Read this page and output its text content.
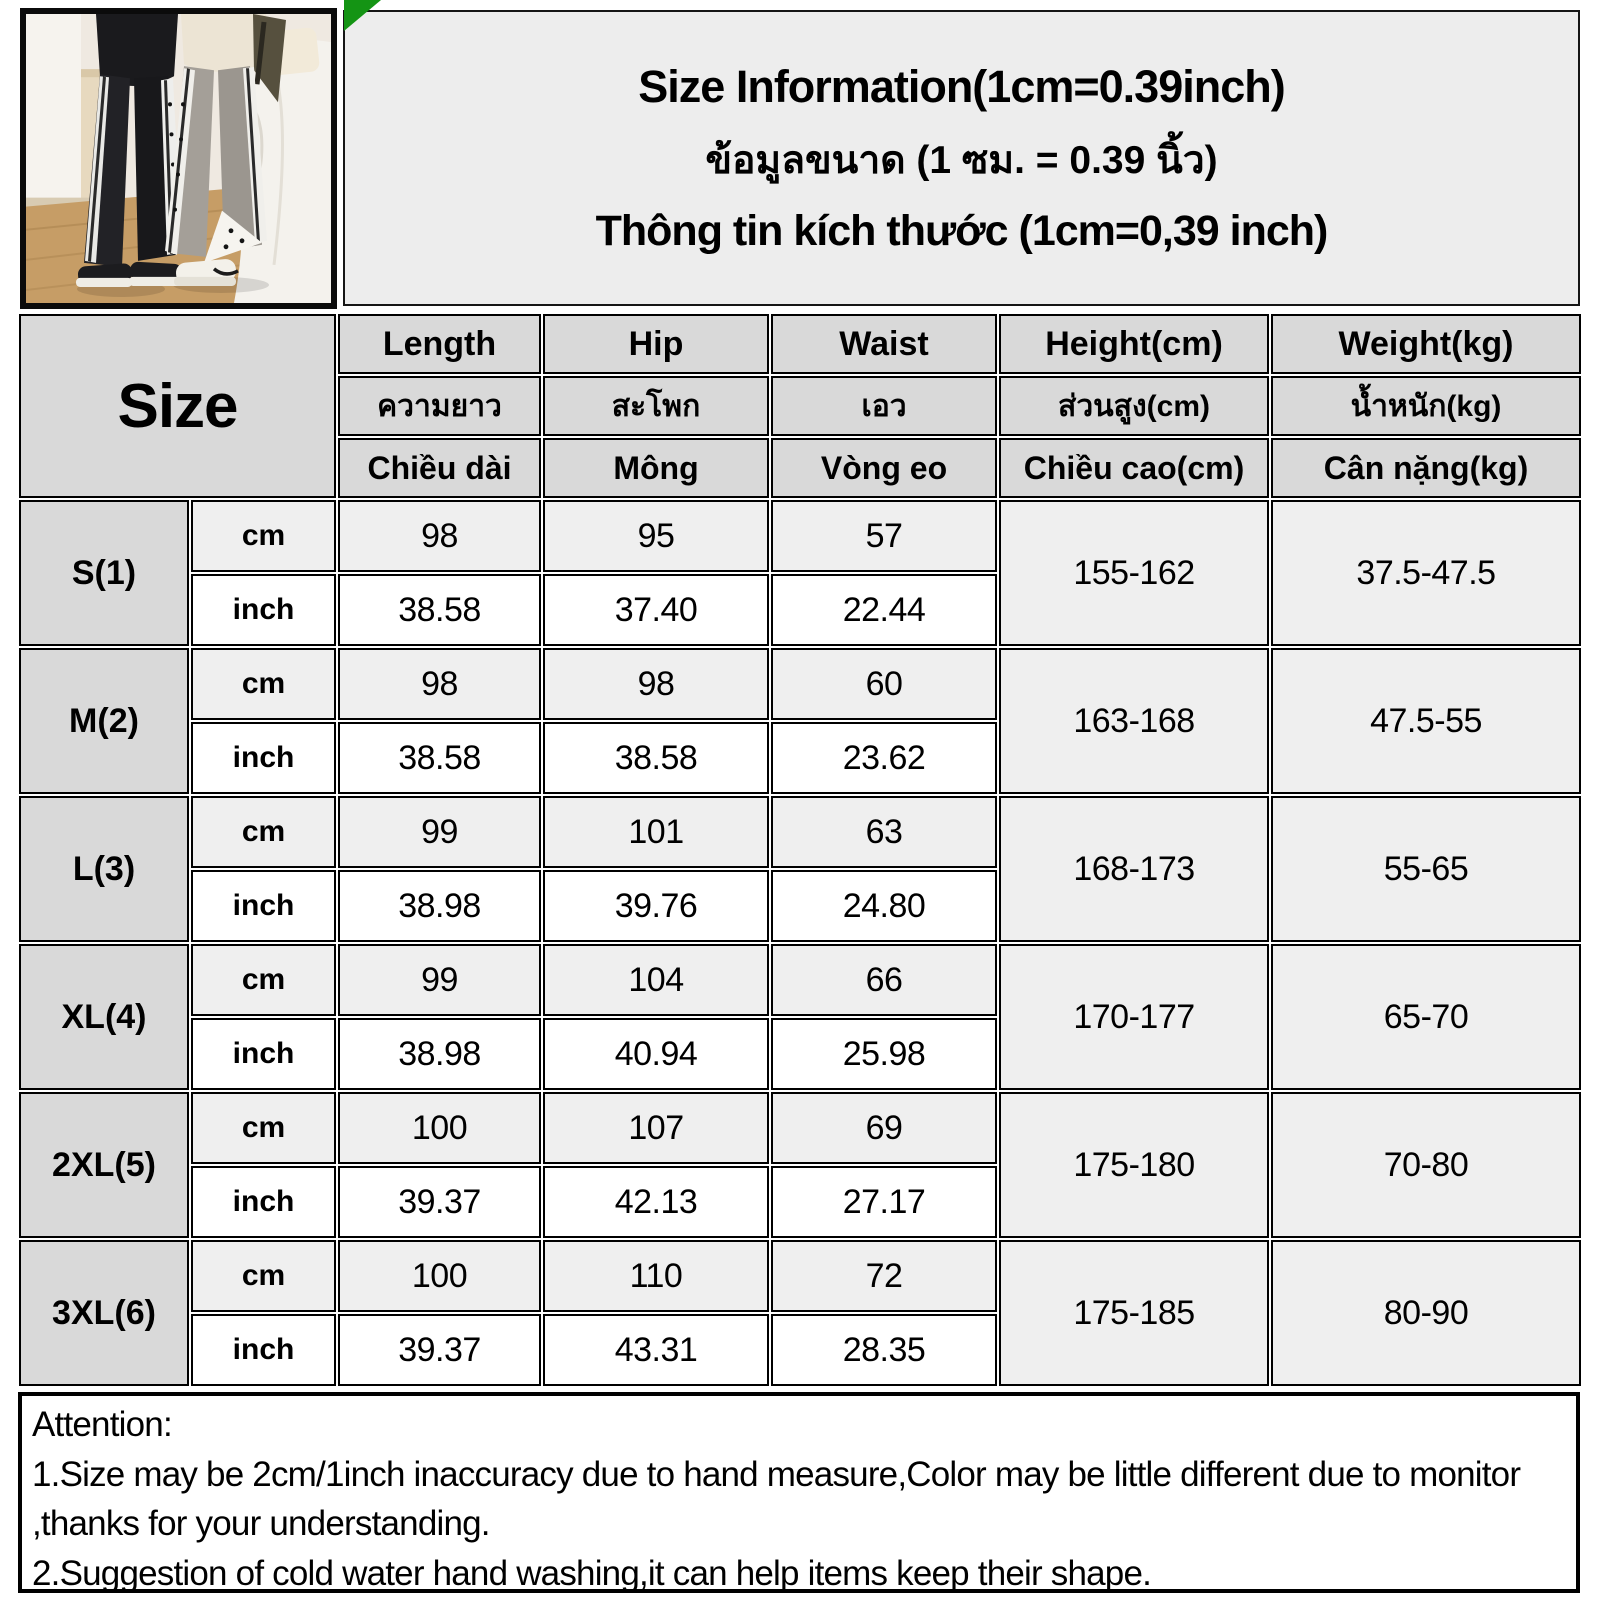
Size Information(1cm=0.39inch)
ข้อมูลขนาด (1 ซม. = 0.39 นิ้ว)
Thông tin kích thước (1cm=0,39 inch)
Size		Length	Hip	Waist	Height(cm)	Weight(kg)
		ความยาว	สะโพก	เอว	ส่วนสูง(cm)	น้ำหนัก(kg)
		Chiều dài	Mông	Vòng eo	Chiều cao(cm)	Cân nặng(kg)
S(1)	cm	98	95	57	155-162	37.5-47.5
	inch	38.58	37.40	22.44		
M(2)	cm	98	98	60	163-168	47.5-55
	inch	38.58	38.58	23.62		
L(3)	cm	99	101	63	168-173	55-65
	inch	38.98	39.76	24.80		
XL(4)	cm	99	104	66	170-177	65-70
	inch	38.98	40.94	25.98		
2XL(5)	cm	100	107	69	175-180	70-80
	inch	39.37	42.13	27.17		
3XL(6)	cm	100	110	72	175-185	80-90
	inch	39.37	43.31	28.35		
Attention:
1.Size may be 2cm/1inch inaccuracy due to hand measure,Color may be little different due to monitor ,thanks for your understanding.
2.Suggestion of cold water hand washing,it can help items keep their shape.
